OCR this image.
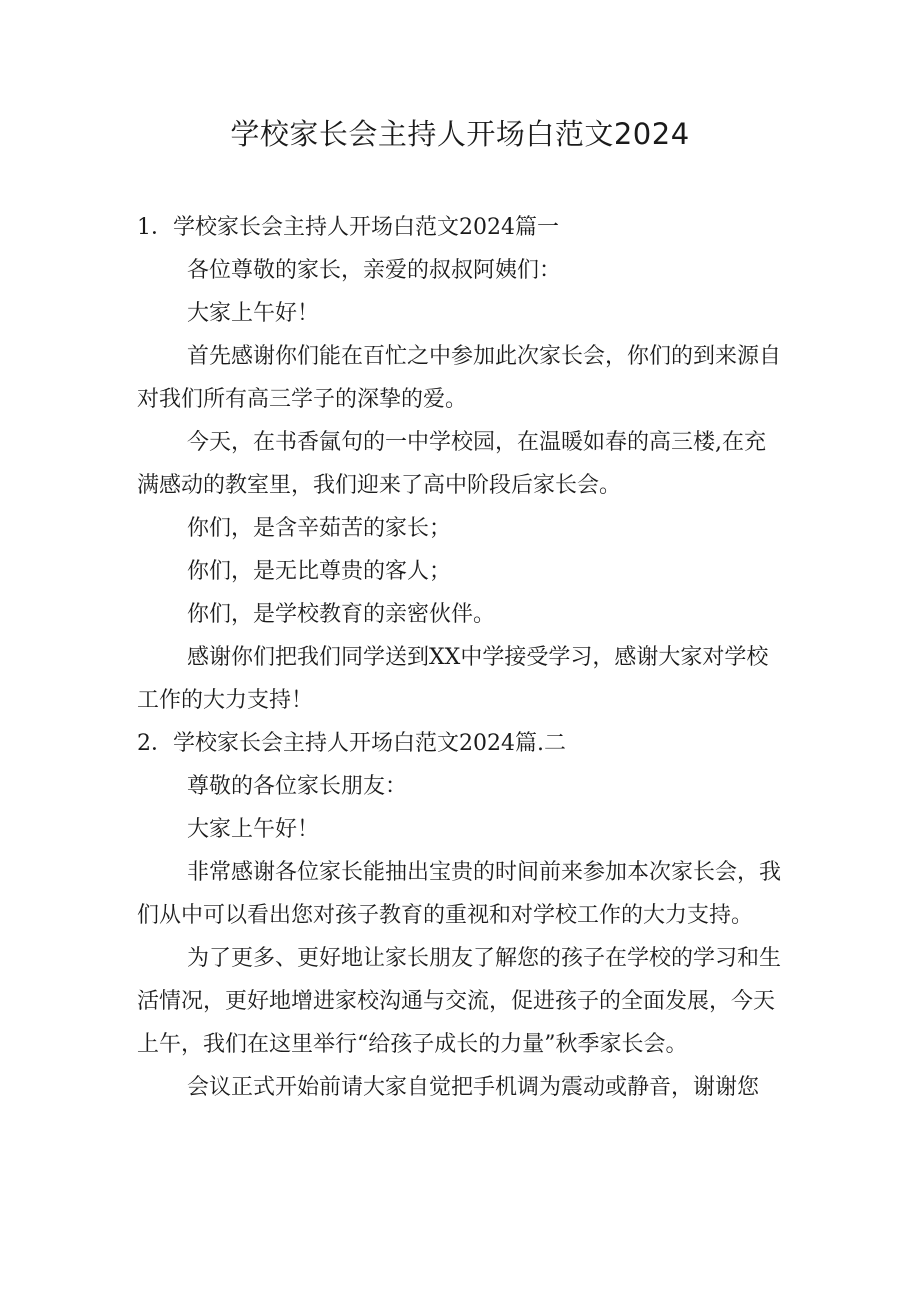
学校家长会主持人开场白范文2024

1．学校家长会主持人开场白范文2024篇一

各位尊敬的家长，亲爱的叔叔阿姨们：

大家上午好！

首先感谢你们能在百忙之中参加此次家长会，你们的到来源自对我们所有高三学子的深挚的爱。

今天，在书香氤句的一中学校园，在温暖如春的高三楼,在充满感动的教室里，我们迎来了高中阶段后家长会。

你们，是含辛茹苦的家长；

你们，是无比尊贵的客人；

你们，是学校教育的亲密伙伴。

感谢你们把我们同学送到XX中学接受学习，感谢大家对学校工作的大力支持！

2．学校家长会主持人开场白范文2024篇.二

尊敬的各位家长朋友：

大家上午好！

非常感谢各位家长能抽出宝贵的时间前来参加本次家长会，我们从中可以看出您对孩子教育的重视和对学校工作的大力支持。

为了更多、更好地让家长朋友了解您的孩子在学校的学习和生活情况，更好地增进家校沟通与交流，促进孩子的全面发展，今天上午，我们在这里举行“给孩子成长的力量”秋季家长会。

会议正式开始前请大家自觉把手机调为震动或静音，谢谢您
